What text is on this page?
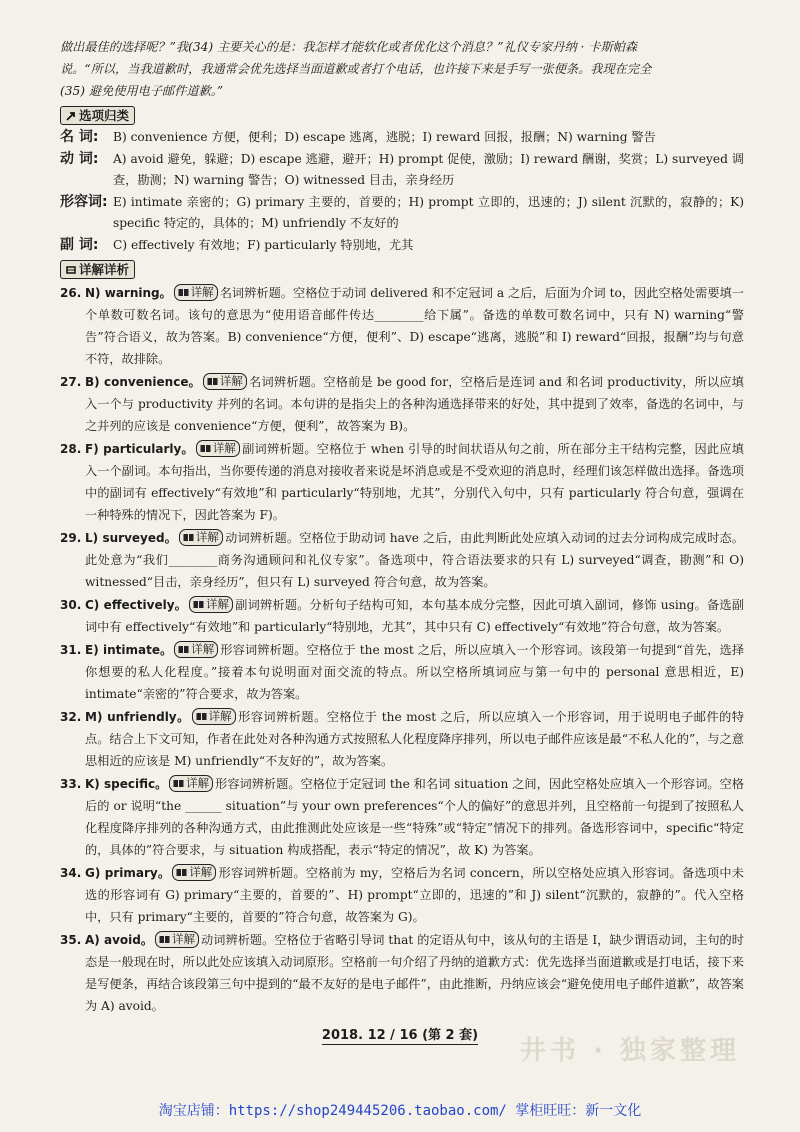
做出最佳的选择呢？”我(34) 主要关心的是：我怎样才能软化或者优化这个消息？”礼仪专家丹纳 · 卡斯帕森

说。“所以，当我道歉时，我通常会优先选择当面道歉或者打个电话，也许接下来是手写一张便条。我现在完全

(35) 避免使用电子邮件道歉。”

选项归类
名 词:	B) convenience 方便，便利；D) escape 逃离，逃脱；I) reward 回报，报酬；N) warning 警告
动 词:	A) avoid 避免，躲避；D) escape 逃避，避开；H) prompt 促使，激励；I) reward 酬谢，奖赏；L) surveyed 调查，勘测；N) warning 警告；O) witnessed 目击，亲身经历
形容词: E) intimate 亲密的；G) primary 主要的，首要的；H) prompt 立即的，迅速的；J) silent 沉默的，寂静的；K) specific 特定的，具体的；M) unfriendly 不友好的
副 词:	C) effectively 有效地；F) particularly 特别地，尤其
详解详析
26. N) warning。 详解 名词辨析题。空格位于动词 delivered 和不定冠词 a 之后，后面为介词 to，因此空格处需要填一个单数可数名词。该句的意思为“使用语音邮件传达________给下属”。备选的单数可数名词中，只有 N) warning“警告”符合语义，故为答案。B) convenience“方便，便利”、D) escape“逃离，逃脱”和 I) reward“回报，报酬”均与句意不符，故排除。
27. B) convenience。 详解 名词辨析题。空格前是 be good for，空格后是连词 and 和名词 productivity，所以应填入一个与 productivity 并列的名词。本句讲的是指尖上的各种沟通选择带来的好处，其中提到了效率，备选的名词中，与之并列的应该是 convenience“方便，便利”，故答案为 B)。
28. F) particularly。 详解 副词辨析题。空格位于 when 引导的时间状语从句之前，所在部分主干结构完整，因此应填入一个副词。本句指出，当你要传递的消息对接收者来说是坏消息或是不受欢迎的消息时，经理们该怎样做出选择。备选项中的副词有 effectively“有效地”和 particularly“特别地，尤其”，分别代入句中，只有 particularly 符合句意，强调在一种特殊的情况下，因此答案为 F)。
29. L) surveyed。 详解 动词辨析题。空格位于助动词 have 之后，由此判断此处应填入动词的过去分词构成完成时态。此处意为“我们________商务沟通顾问和礼仪专家”。备选项中，符合语法要求的只有 L) surveyed“调查，勘测”和 O) witnessed“目击，亲身经历”，但只有 L) surveyed 符合句意，故为答案。
30. C) effectively。 详解 副词辨析题。分析句子结构可知，本句基本成分完整，因此可填入副词，修饰 using。备选副词中有 effectively“有效地”和 particularly“特别地，尤其”，其中只有 C) effectively“有效地”符合句意，故为答案。
31. E) intimate。 详解 形容词辨析题。空格位于 the most 之后，所以应填入一个形容词。该段第一句提到“首先，选择你想要的私人化程度。”接着本句说明面对面交流的特点。所以空格所填词应与第一句中的 personal 意思相近，E) intimate“亲密的”符合要求，故为答案。
32. M) unfriendly。 详解 形容词辨析题。空格位于 the most 之后，所以应填入一个形容词，用于说明电子邮件的特点。结合上下文可知，作者在此处对各种沟通方式按照私人化程度降序排列，所以电子邮件应该是最“不私人化的”，与之意思相近的应该是 M) unfriendly“不友好的”，故为答案。
33. K) specific。 详解 形容词辨析题。空格位于定冠词 the 和名词 situation 之间，因此空格处应填入一个形容词。空格后的 or 说明“the ______ situation”与 your own preferences“个人的偏好”的意思并列，且空格前一句提到了按照私人化程度降序排列的各种沟通方式，由此推测此处应该是一些“特殊”或“特定”情况下的排列。备选形容词中，specific“特定的，具体的”符合要求，与 situation 构成搭配，表示“特定的情况”，故 K) 为答案。
34. G) primary。 详解 形容词辨析题。空格前为 my，空格后为名词 concern，所以空格处应填入形容词。备选项中未选的形容词有 G) primary“主要的，首要的”、H) prompt“立即的，迅速的”和 J) silent“沉默的，寂静的”。代入空格中，只有 primary“主要的，首要的”符合句意，故答案为 G)。
35. A) avoid。 详解 动词辨析题。空格位于省略引导词 that 的定语从句中，该从句的主语是 I，缺少谓语动词，主句的时态是一般现在时，所以此处应该填入动词原形。空格前一句介绍了丹纳的道歉方式：优先选择当面道歉或是打电话，接下来是写便条，再结合该段第三句中提到的“最不友好的是电子邮件”，由此推断，丹纳应该会“避免使用电子邮件道歉”，故答案为 A) avoid。
井书 · 独家整理
2018. 12 / 16 (第 2 套)
淘宝店铺：https://shop249445206.taobao.com/ 掌柜旺旺：新一文化
